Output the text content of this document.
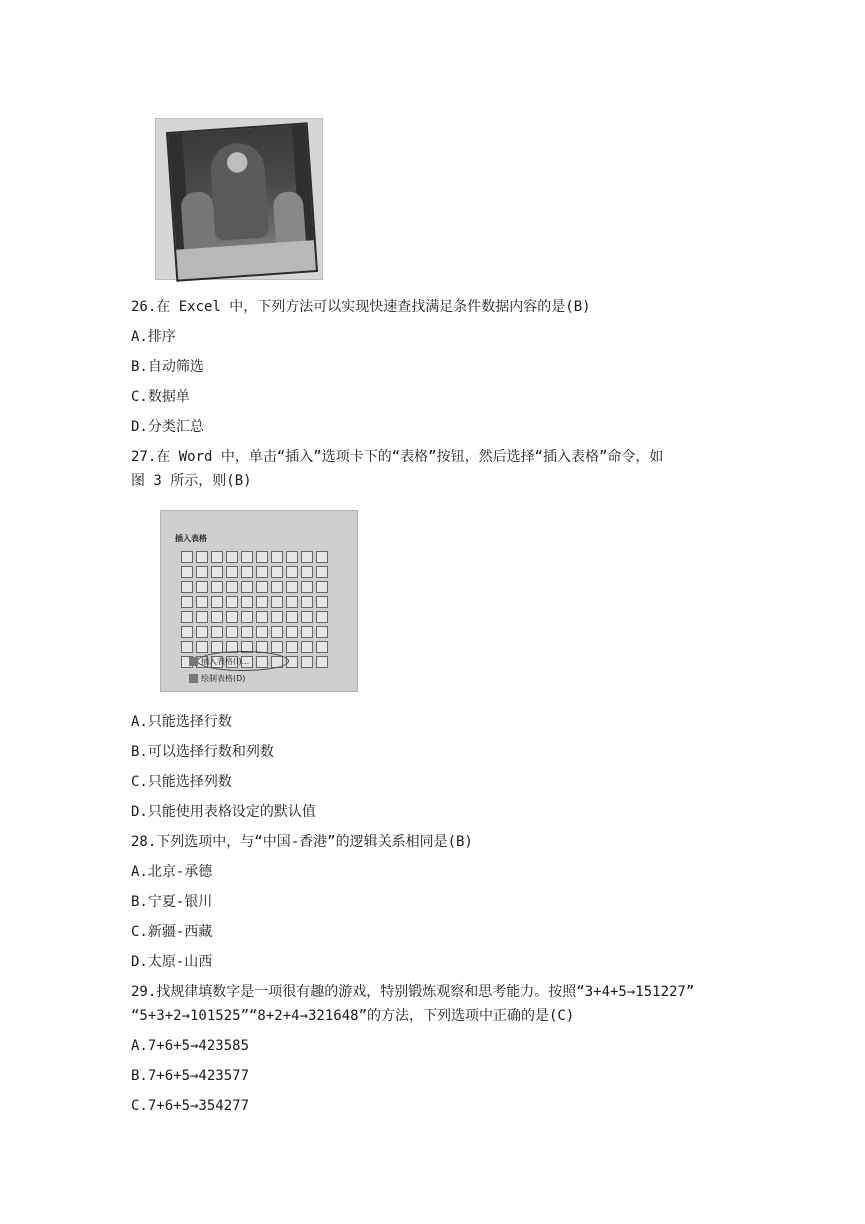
26.在 Excel 中，下列方法可以实现快速查找满足条件数据内容的是(B)
A.排序
B.自动筛选
C.数据单
D.分类汇总
27.在 Word 中，单击“插入”选项卡下的“表格”按钮，然后选择“插入表格”命令，如
图 3 所示，则(B)
插入表格
插入表格(I)...
绘制表格(D)
A.只能选择行数
B.可以选择行数和列数
C.只能选择列数
D.只能使用表格设定的默认值
28.下列选项中，与“中国-香港”的逻辑关系相同是(B)
A.北京-承德
B.宁夏-银川
C.新疆-西藏
D.太原-山西
29.找规律填数字是一项很有趣的游戏，特别锻炼观察和思考能力。按照“3+4+5→151227”
“5+3+2→101525”“8+2+4→321648”的方法，下列选项中正确的是(C)
A.7+6+5→423585
B.7+6+5→423577
C.7+6+5→354277
